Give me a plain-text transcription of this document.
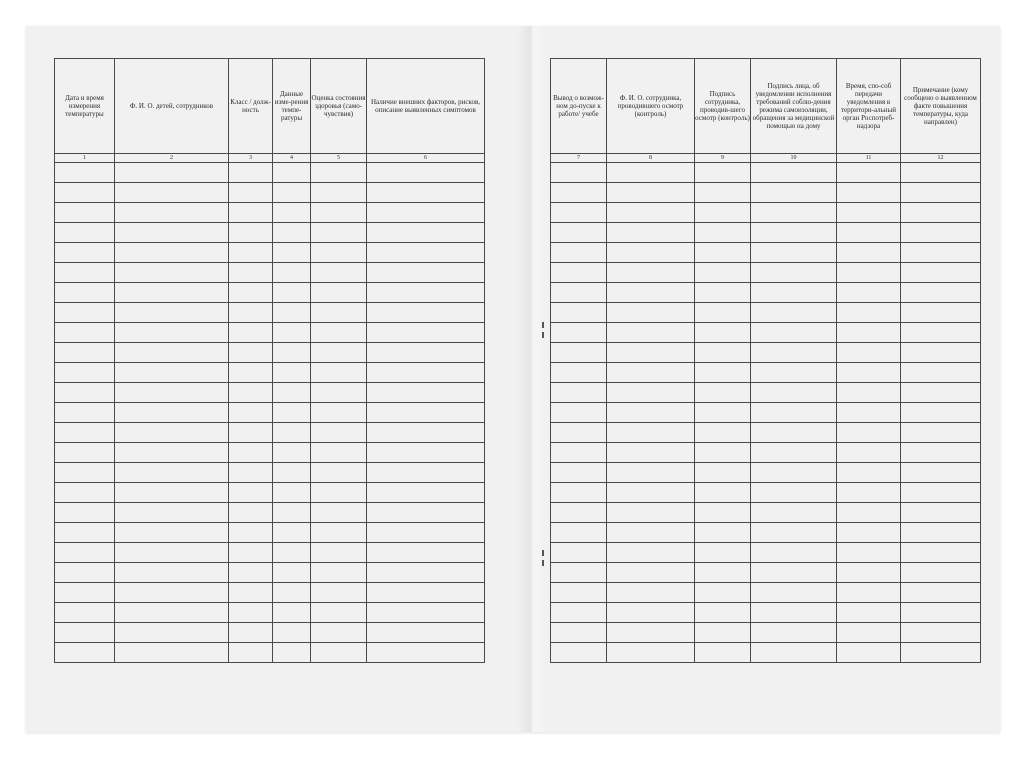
Дата и время измерения температуры	Ф. И. О. детей, сотрудников	Класс / долж-ность	Данные изме-рения темпе-ратуры	Оценка состояния здоровья (само-чувствия)	Наличие внешних факторов, рисков, описание выявленных симптомов

1	2	3	4	5	6

Вывод о возмож-ном до-пуске к работе/ учебе	Ф. И. О. сотрудника, проводившего осмотр (контроль)	Подпись сотрудника, проводив-шего осмотр (контроль)	Подпись лица, об уведомлении исполнения требований соблю-дения режима самоизоляции, обращения за медицинской помощью на дому	Время, спо-соб передачи уведомления в территори-альный орган Роспотреб-надзора	Примечание (кому сообщено о выявленном факте повышения температуры, куда направлен)

7	8	9	10	11	12
